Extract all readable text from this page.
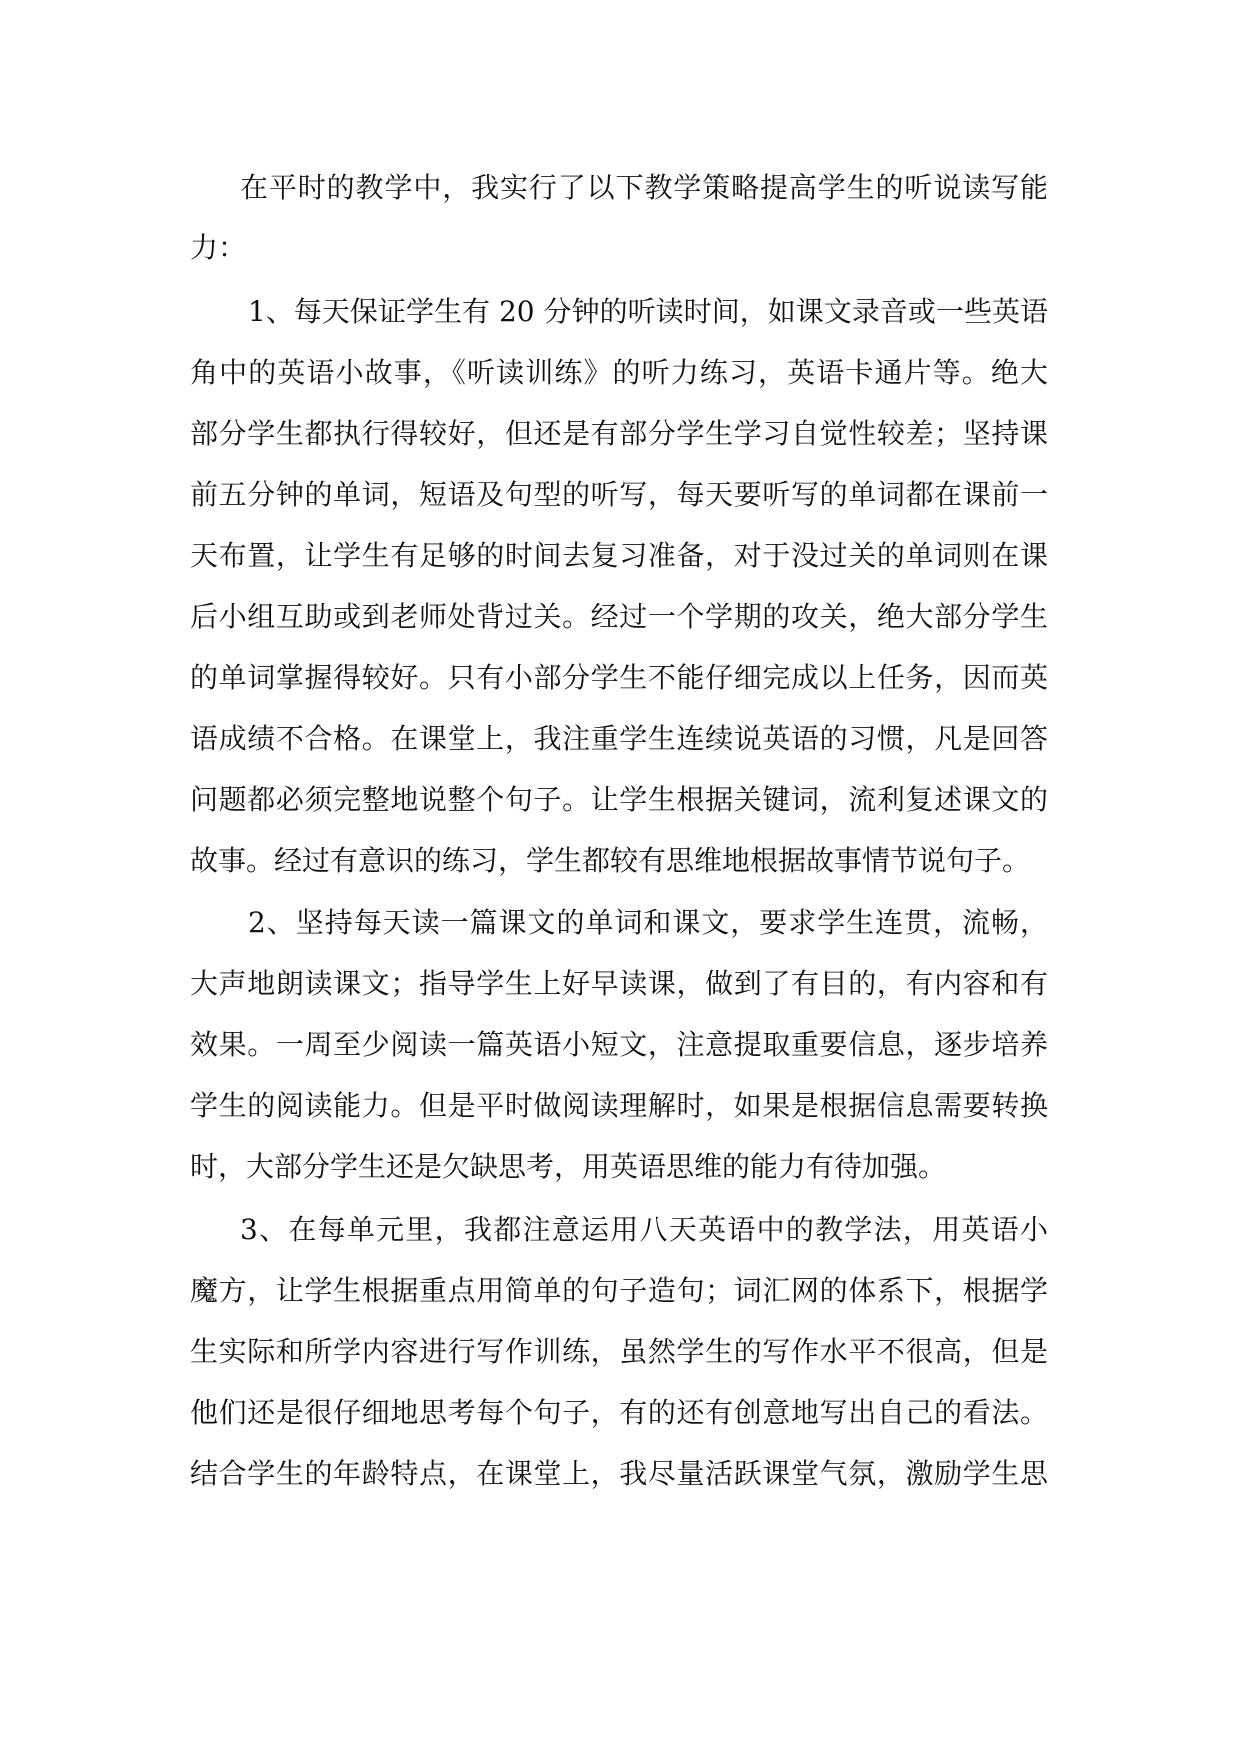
在平时的教学中，我实行了以下教学策略提高学生的听说读写能
力：
1、每天保证学生有 20 分钟的听读时间，如课文录音或一些英语
角中的英语小故事，《听读训练》的听力练习，英语卡通片等。绝大
部分学生都执行得较好，但还是有部分学生学习自觉性较差；坚持课
前五分钟的单词，短语及句型的听写，每天要听写的单词都在课前一
天布置，让学生有足够的时间去复习准备，对于没过关的单词则在课
后小组互助或到老师处背过关。经过一个学期的攻关，绝大部分学生
的单词掌握得较好。只有小部分学生不能仔细完成以上任务，因而英
语成绩不合格。在课堂上，我注重学生连续说英语的习惯，凡是回答
问题都必须完整地说整个句子。让学生根据关键词，流利复述课文的
故事。经过有意识的练习，学生都较有思维地根据故事情节说句子。
2、坚持每天读一篇课文的单词和课文，要求学生连贯，流畅，
大声地朗读课文；指导学生上好早读课，做到了有目的，有内容和有
效果。一周至少阅读一篇英语小短文，注意提取重要信息，逐步培养
学生的阅读能力。但是平时做阅读理解时，如果是根据信息需要转换
时，大部分学生还是欠缺思考，用英语思维的能力有待加强。
3、在每单元里，我都注意运用八天英语中的教学法，用英语小
魔方，让学生根据重点用简单的句子造句；词汇网的体系下，根据学
生实际和所学内容进行写作训练，虽然学生的写作水平不很高，但是
他们还是很仔细地思考每个句子，有的还有创意地写出自己的看法。
结合学生的年龄特点，在课堂上，我尽量活跃课堂气氛，激励学生思
